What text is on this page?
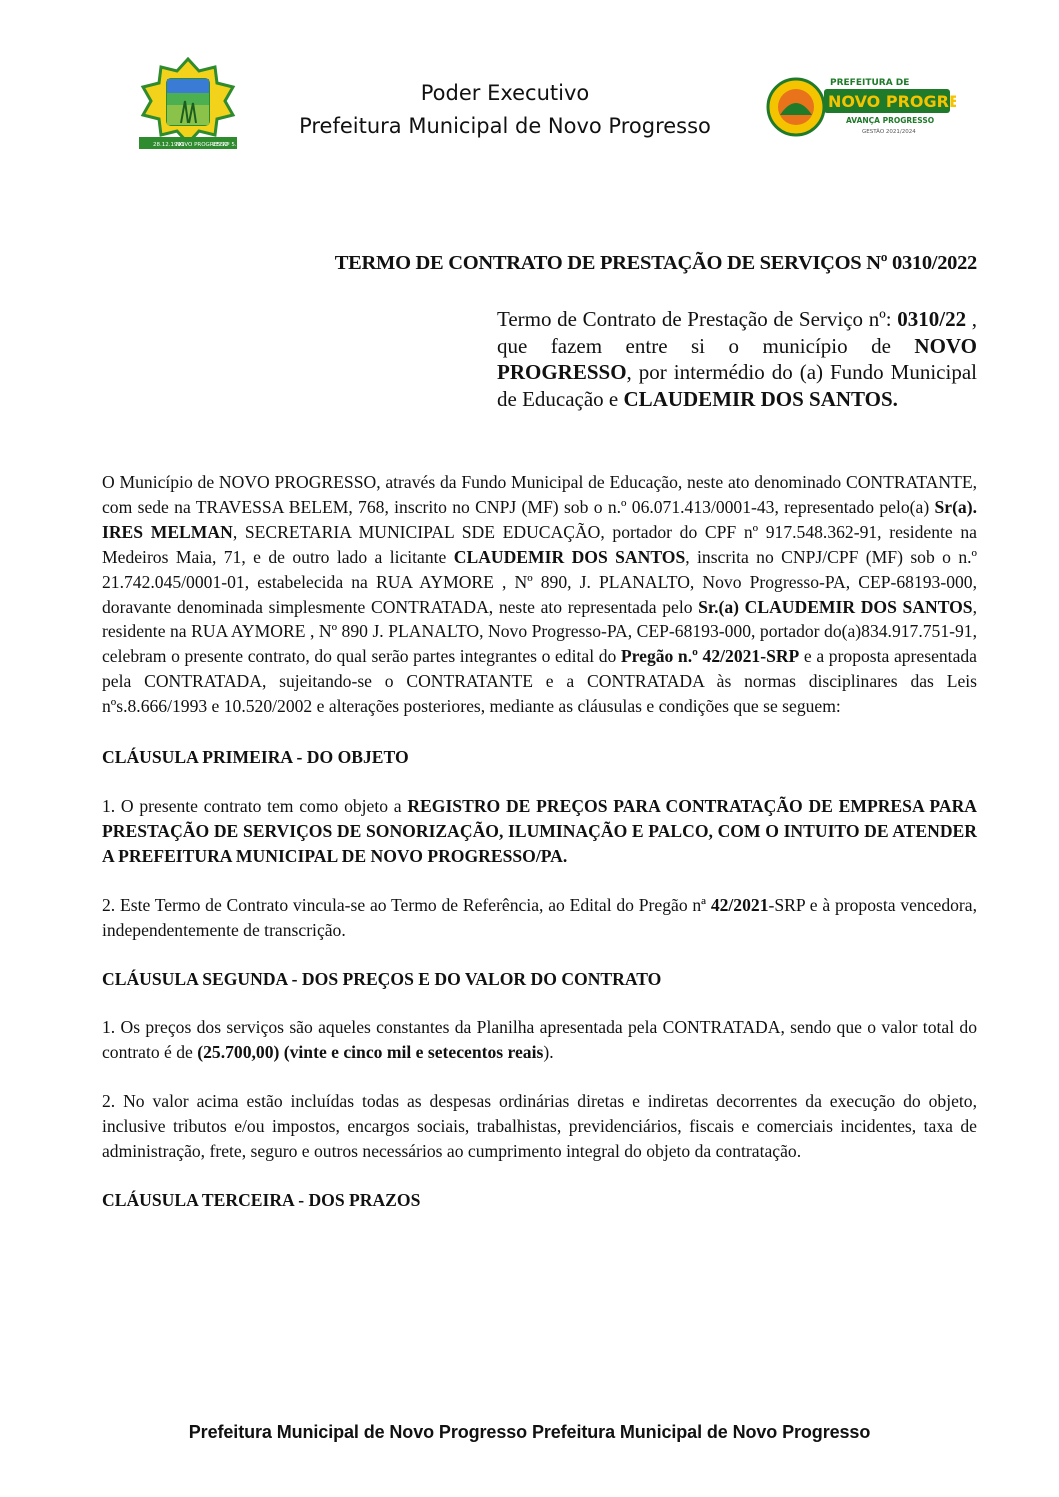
28.12.1991
NOVO PROGRESSO
LEI Nº 5.70
Poder Executivo
Prefeitura Municipal de Novo Progresso
PREFEITURA DE
NOVO PROGRE
AVANÇA PROGRESSO
GESTÃO 2021/2024
TERMO DE CONTRATO DE PRESTAÇÃO DE SERVIÇOS Nº 0310/2022
Termo de Contrato de Prestação de Serviço nº: 0310/22 , que fazem entre si o município de NOVO PROGRESSO, por intermédio do (a) Fundo Municipal de Educação e CLAUDEMIR DOS SANTOS.

O Município de NOVO PROGRESSO, através da Fundo Municipal de Educação, neste ato denominado CONTRATANTE, com sede na TRAVESSA BELEM, 768, inscrito no CNPJ (MF) sob o n.º 06.071.413/0001-43, representado pelo(a) Sr(a). IRES MELMAN, SECRETARIA MUNICIPAL SDE EDUCAÇÃO, portador do CPF nº 917.548.362-91, residente na Medeiros Maia, 71, e de outro lado a licitante CLAUDEMIR DOS SANTOS, inscrita no CNPJ/CPF (MF) sob o n.º 21.742.045/0001-01, estabelecida na RUA AYMORE , Nº 890, J. PLANALTO, Novo Progresso-PA, CEP-68193-000, doravante denominada simplesmente CONTRATADA, neste ato representada pelo Sr.(a) CLAUDEMIR DOS SANTOS, residente na RUA AYMORE , Nº 890 J. PLANALTO, Novo Progresso-PA, CEP-68193-000, portador do(a)834.917.751-91, celebram o presente contrato, do qual serão partes integrantes o edital do Pregão n.º 42/2021-SRP e a proposta apresentada pela CONTRATADA, sujeitando-se o CONTRATANTE e a CONTRATADA às normas disciplinares das Leis nºs.8.666/1993 e 10.520/2002 e alterações posteriores, mediante as cláusulas e condições que se seguem:

CLÁUSULA PRIMEIRA - DO OBJETO

1. O presente contrato tem como objeto a REGISTRO DE PREÇOS PARA CONTRATAÇÃO DE EMPRESA PARA PRESTAÇÃO DE SERVIÇOS DE SONORIZAÇÃO, ILUMINAÇÃO E PALCO, COM O INTUITO DE ATENDER A PREFEITURA MUNICIPAL DE NOVO PROGRESSO/PA.

2. Este Termo de Contrato vincula-se ao Termo de Referência, ao Edital do Pregão nª 42/2021-SRP e à proposta vencedora, independentemente de transcrição.

CLÁUSULA SEGUNDA - DOS PREÇOS E DO VALOR DO CONTRATO

1. Os preços dos serviços são aqueles constantes da Planilha apresentada pela CONTRATADA, sendo que o valor total do contrato é de (25.700,00) (vinte e cinco mil e setecentos reais).

2. No valor acima estão incluídas todas as despesas ordinárias diretas e indiretas decorrentes da execução do objeto, inclusive tributos e/ou impostos, encargos sociais, trabalhistas, previdenciários, fiscais e comerciais incidentes, taxa de administração, frete, seguro e outros necessários ao cumprimento integral do objeto da contratação.

CLÁUSULA TERCEIRA - DOS PRAZOS
Prefeitura Municipal de Novo Progresso Prefeitura Municipal de Novo Progresso
